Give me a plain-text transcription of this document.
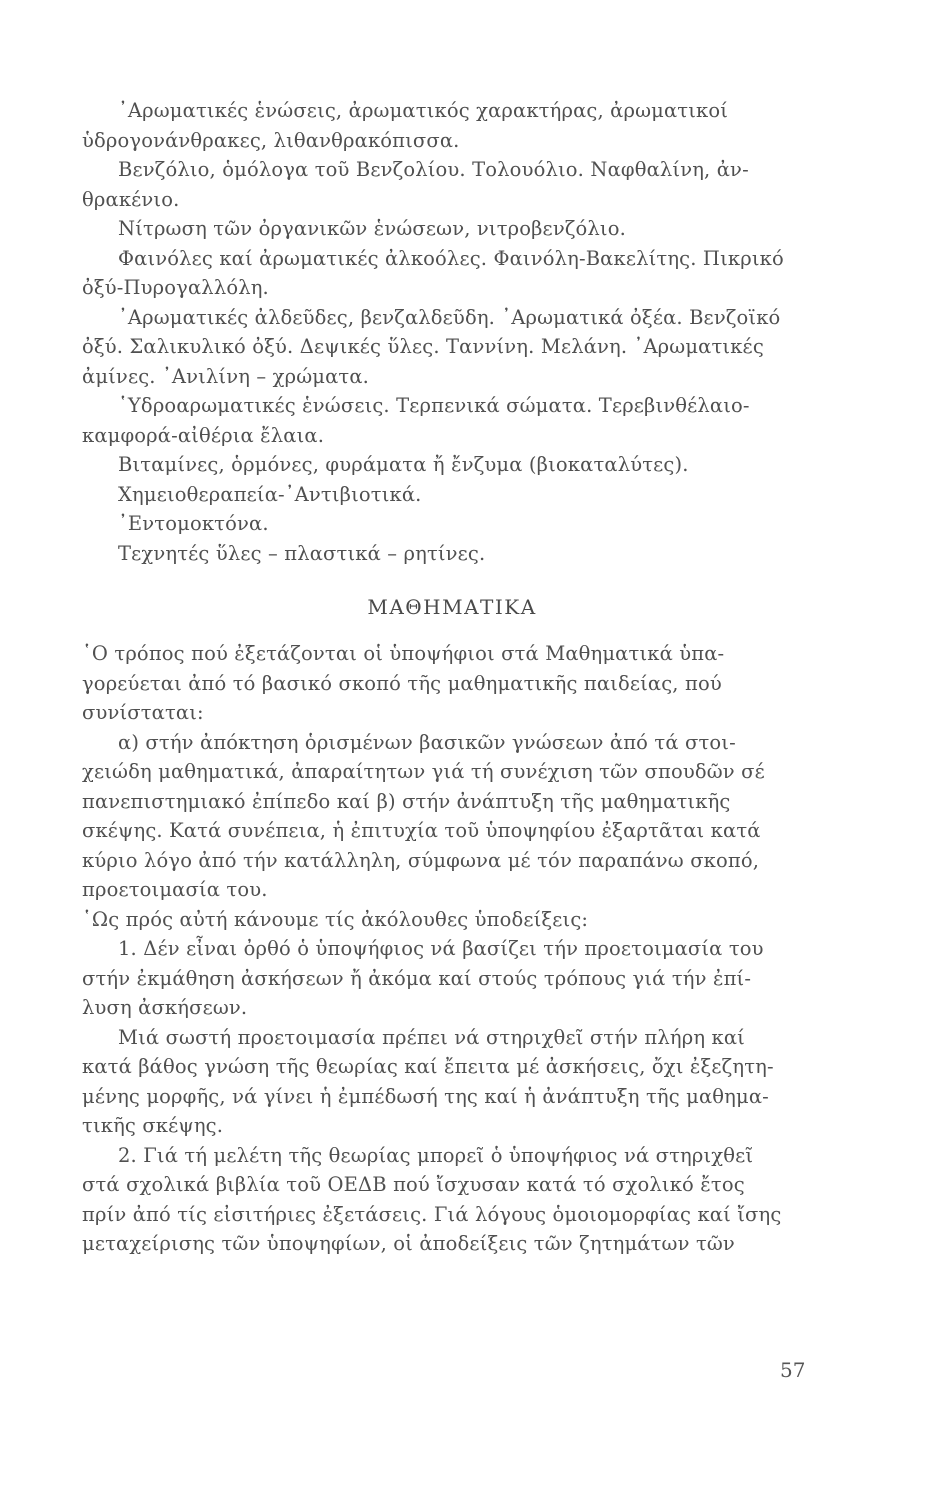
᾽Αρωματικές ἑνώσεις, ἀρωματικός χαρακτήρας, ἀρωματικοί
ὑδρογονάνθρακες, λιθανθρακόπισσα.
Βενζόλιο, ὁμόλογα τοῦ Βενζολίου. Τολουόλιο. Ναφθαλίνη, ἀν-
θρακένιο.
Νίτρωση τῶν ὀργανικῶν ἑνώσεων, νιτροβενζόλιο.
Φαινόλες καί ἀρωματικές ἀλκοόλες. Φαινόλη-Βακελίτης. Πικρικό
ὀξύ-Πυρογαλλόλη.
᾽Αρωματικές ἀλδεῦδες, βενζαλδεῦδη. ᾽Αρωματικά ὀξέα. Βενζοϊκό
ὀξύ. Σαλικυλικό ὀξύ. Δεψικές ὕλες. Ταννίνη. Μελάνη. ᾽Αρωματικές
ἀμίνες. ᾽Ανιλίνη – χρώματα.
῾Υδροαρωματικές ἑνώσεις. Τερπενικά σώματα. Τερεβινθέλαιο-
καμφορά-αἰθέρια ἔλαια.
Βιταμίνες, ὁρμόνες, φυράματα ἤ ἔνζυμα (βιοκαταλύτες).
Χημειοθεραπεία-᾽Αντιβιοτικά.
᾽Εντομοκτόνα.
Τεχνητές ὕλες – πλαστικά – ρητίνες.
ΜΑΘΗΜΑΤΙΚΑ
῾Ο τρόπος πού ἐξετάζονται οἱ ὑποψήφιοι στά Μαθηματικά ὑπα-
γορεύεται ἀπό τό βασικό σκοπό τῆς μαθηματικῆς παιδείας, πού
συνίσταται:
α) στήν ἀπόκτηση ὁρισμένων βασικῶν γνώσεων ἀπό τά στοι-
χειώδη μαθηματικά, ἀπαραίτητων γιά τή συνέχιση τῶν σπουδῶν σέ
πανεπιστημιακό ἐπίπεδο καί β) στήν ἀνάπτυξη τῆς μαθηματικῆς
σκέψης. Κατά συνέπεια, ἡ ἐπιτυχία τοῦ ὑποψηφίου ἐξαρτᾶται κατά
κύριο λόγο ἀπό τήν κατάλληλη, σύμφωνα μέ τόν παραπάνω σκοπό,
προετοιμασία του.
῾Ως πρός αὐτή κάνουμε τίς ἀκόλουθες ὑποδείξεις:
1. Δέν εἶναι ὀρθό ὁ ὑποψήφιος νά βασίζει τήν προετοιμασία του
στήν ἐκμάθηση ἀσκήσεων ἤ ἀκόμα καί στούς τρόπους γιά τήν ἐπί-
λυση ἀσκήσεων.
Μιά σωστή προετοιμασία πρέπει νά στηριχθεῖ στήν πλήρη καί
κατά βάθος γνώση τῆς θεωρίας καί ἔπειτα μέ ἀσκήσεις, ὄχι ἐξεζητη-
μένης μορφῆς, νά γίνει ἡ ἐμπέδωσή της καί ἡ ἀνάπτυξη τῆς μαθημα-
τικῆς σκέψης.
2. Γιά τή μελέτη τῆς θεωρίας μπορεῖ ὁ ὑποψήφιος νά στηριχθεῖ
στά σχολικά βιβλία τοῦ ΟΕΔΒ πού ἴσχυσαν κατά τό σχολικό ἔτος
πρίν ἀπό τίς εἰσιτήριες ἐξετάσεις. Γιά λόγους ὁμοιομορφίας καί ἴσης
μεταχείρισης τῶν ὑποψηφίων, οἱ ἀποδείξεις τῶν ζητημάτων τῶν
57
